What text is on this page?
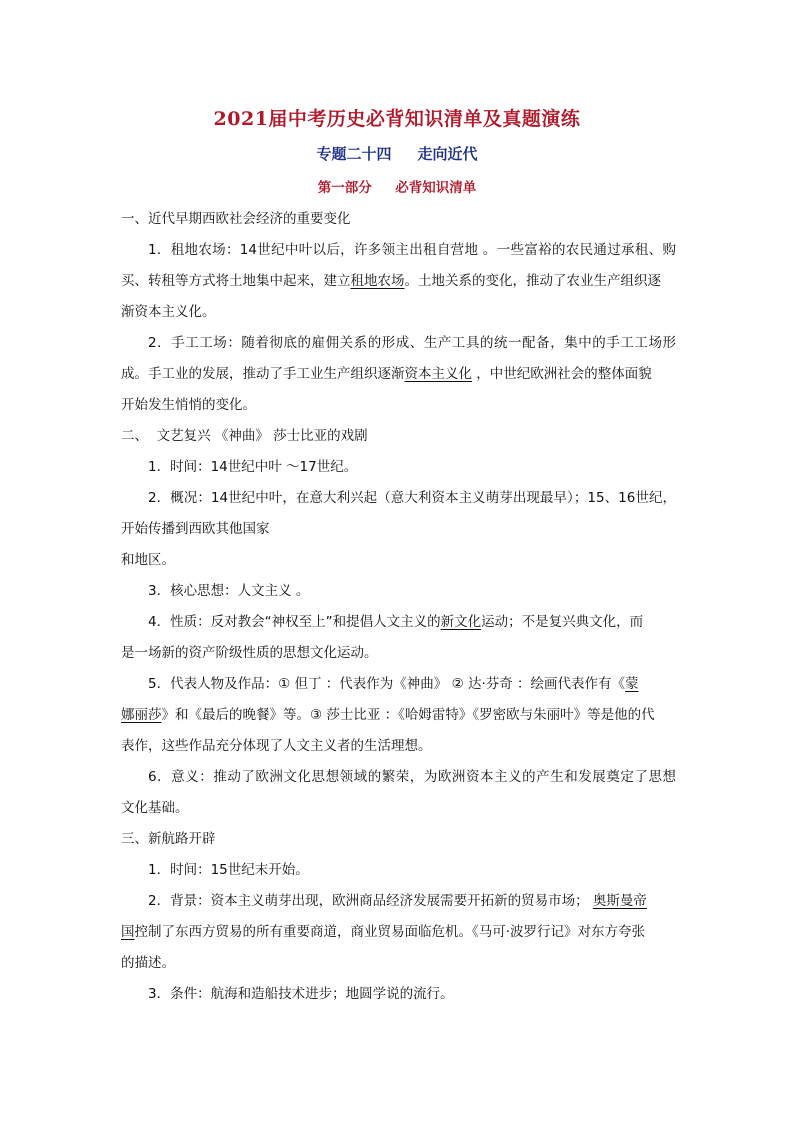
2021届中考历史必背知识清单及真题演练
专题二十四     走向近代
第一部分     必背知识清单
一、近代早期西欧社会经济的重要变化
1．租地农场：14世纪中叶以后，许多领主出租自营地 。一些富裕的农民通过承租、购
买、转租等方式将土地集中起来，建立租地农场。土地关系的变化，推动了农业生产组织逐
渐资本主义化。
2．手工工场：随着彻底的雇佣关系的形成、生产工具的统一配备，集中的手工工场形
成。手工业的发展，推动了手工业生产组织逐渐资本主义化 ，中世纪欧洲社会的整体面貌
开始发生悄悄的变化。
二、  文艺复兴 《神曲》 莎士比亚的戏剧
1．时间：14世纪中叶 ～17世纪。
2．概况：14世纪中叶，在意大利兴起（意大利资本主义萌芽出现最早）；15、16世纪，
开始传播到西欧其他国家
和地区。
3．核心思想：人文主义 。
4．性质：反对教会“神权至上”和提倡人文主义的新文化运动；不是复兴典文化，而
是一场新的资产阶级性质的思想文化运动。
5．代表人物及作品：① 但丁 ：代表作为《神曲》 ② 达·芬奇 ：绘画代表作有《蒙
娜丽莎》和《最后的晚餐》等。③ 莎士比亚 ：《哈姆雷特》《罗密欧与朱丽叶》等是他的代
表作，这些作品充分体现了人文主义者的生活理想。
6．意义：推动了欧洲文化思想领域的繁荣，为欧洲资本主义的产生和发展奠定了思想
文化基础。
三、新航路开辟
1．时间：15世纪末开始。
2．背景：资本主义萌芽出现，欧洲商品经济发展需要开拓新的贸易市场； 奥斯曼帝
国控制了东西方贸易的所有重要商道，商业贸易面临危机。《马可·波罗行记》对东方夸张
的描述。
3．条件：航海和造船技术进步；地圆学说的流行。
